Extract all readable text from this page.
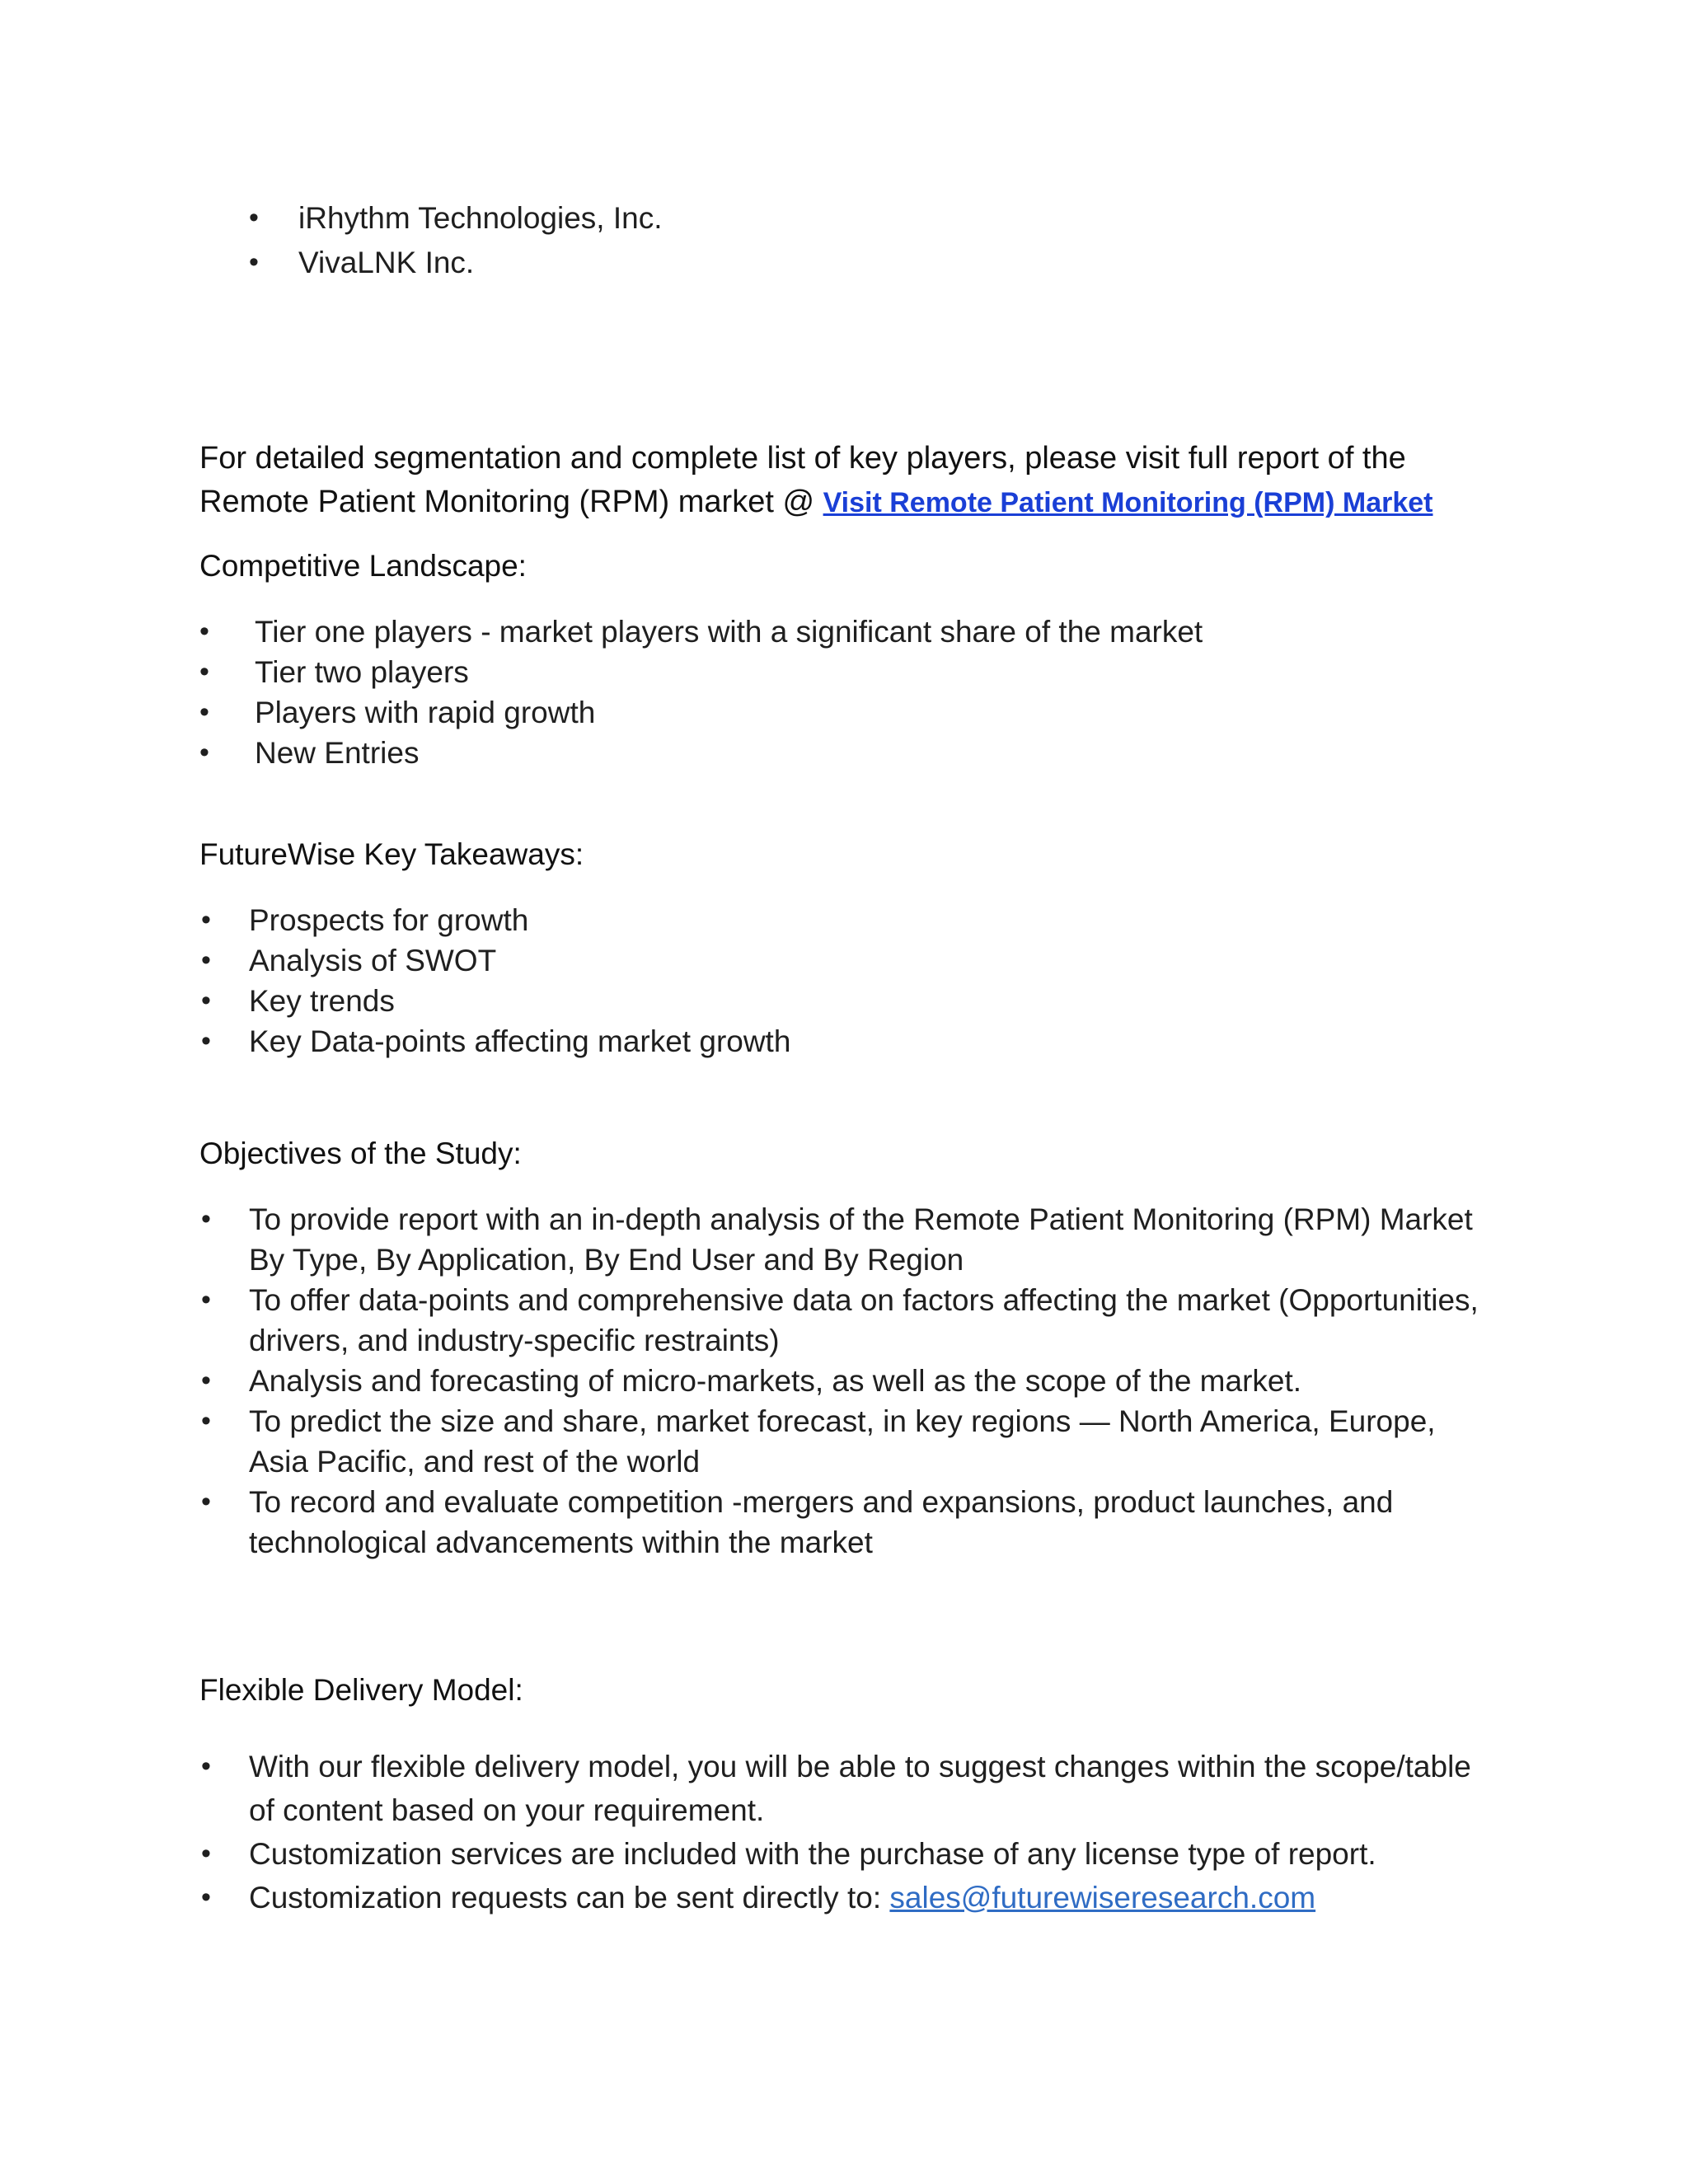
• iRhythm Technologies, Inc.
• VivaLNK Inc.
For detailed segmentation and complete list of key players, please visit full report of the Remote Patient Monitoring (RPM) market @ Visit Remote Patient Monitoring (RPM) Market
Competitive Landscape:
• Tier one players - market players with a significant share of the market
• Tier two players
• Players with rapid growth
• New Entries
FutureWise Key Takeaways:
• Prospects for growth
• Analysis of SWOT
• Key trends
• Key Data-points affecting market growth
Objectives of the Study:
• To provide report with an in-depth analysis of the Remote Patient Monitoring (RPM) Market By Type, By Application, By End User and By Region
• To offer data-points and comprehensive data on factors affecting the market (Opportunities, drivers, and industry-specific restraints)
• Analysis and forecasting of micro-markets, as well as the scope of the market.
• To predict the size and share, market forecast, in key regions — North America, Europe, Asia Pacific, and rest of the world
• To record and evaluate competition -mergers and expansions, product launches, and technological advancements within the market
Flexible Delivery Model:
• With our flexible delivery model, you will be able to suggest changes within the scope/table of content based on your requirement.
• Customization services are included with the purchase of any license type of report.
• Customization requests can be sent directly to: sales@futurewiseresearch.com
